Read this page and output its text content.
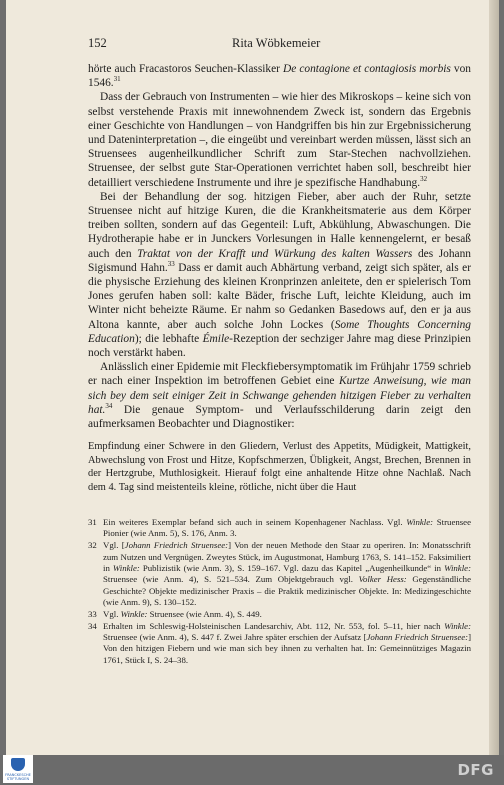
152	Rita Wöbkemeier

hörte auch Fracastoros Seuchen-Klassiker De contagione et contagiosis morbis von 1546.31

Dass der Gebrauch von Instrumenten – wie hier des Mikroskops – keine sich von selbst verstehende Praxis mit innewohnendem Zweck ist, sondern das Ergebnis einer Geschichte von Handlungen – von Handgriffen bis hin zur Ergebnissicherung und Dateninterpretation –, die eingeübt und vereinbart werden müssen, lässt sich an Struensees augenheilkundlicher Schrift zum Star-Stechen nachvollziehen. Struensee, der selbst gute Star-Operationen verrichtet haben soll, beschreibt hier detailliert verschiedene Instrumente und ihre je spezifische Handhabung.$^{32}$

Bei der Behandlung der sog. hitzigen Fieber, aber auch der Ruhr, setzte Struensee nicht auf hitzige Kuren, die die Krankheitsmaterie aus dem Körper treiben sollten, sondern auf das Gegenteil: Luft, Abkühlung, Abwaschungen. Die Hydrotherapie habe er in Junckers Vorlesungen in Halle kennengelernt, er besaß auch den Traktat von der Krafft und Würkung des kalten Wassers des Johann Sigismund Hahn.$^{33}$ Dass er damit auch Abhärtung verband, zeigt sich später, als er die physische Erziehung des kleinen Kronprinzen anleitete, den er spielerisch Tom Jones gerufen haben soll: kalte Bäder, frische Luft, leichte Kleidung, auch im Winter nicht beheizte Räume. Er nahm so Gedanken Basedows auf, den er ja aus Altona kannte, aber auch solche John Lockes (Some Thoughts Concerning Education); die lebhafte Émile-Rezeption der sechziger Jahre mag diese Prinzipien noch verstärkt haben.

Anlässlich einer Epidemie mit Fleckfiebersymptomatik im Frühjahr 1759 schrieb er nach einer Inspektion im betroffenen Gebiet eine Kurtze Anweisung, wie man sich bey dem seit einiger Zeit in Schwange gehenden hitzigen Fieber zu verhalten hat.$^{34}$ Die genaue Symptom- und Verlaufsschilderung darin zeigt den aufmerksamen Beobachter und Diagnostiker:

Empfindung einer Schwere in den Gliedern, Verlust des Appetits, Müdigkeit, Mattigkeit, Abwechslung von Frost und Hitze, Kopfschmerzen, Übligkeit, Angst, Brechen, Brennen in der Hertzgrube, Muthlosigkeit. Hierauf folgt eine anhaltende Hitze ohne Nachlaß. Nach dem 4. Tag sind meistenteils kleine, rötliche, nicht über die Haut

31 Ein weiteres Exemplar befand sich auch in seinem Kopenhagener Nachlass. Vgl. Winkle: Struensee Pionier (wie Anm. 5), S. 176, Anm. 3.
32 Vgl. [Johann Friedrich Struensee:] Von der neuen Methode den Staar zu operiren. In: Monatsschrift zum Nutzen und Vergnügen. Zweytes Stück, im Augustmonat, Hamburg 1763, S. 141–152. Faksimiliert in Winkle: Publizistik (wie Anm. 3), S. 159–167. Vgl. dazu das Kapitel „Augenheilkunde“ in Winkle: Struensee (wie Anm. 4), S. 521–534. Zum Objektgebrauch vgl. Volker Hess: Gegenständliche Geschichte? Objekte medizinischer Praxis – die Praktik medizinischer Objekte. In: Medizingeschichte (wie Anm. 9), S. 130–152.
33 Vgl. Winkle: Struensee (wie Anm. 4), S. 449.
34 Erhalten im Schleswig-Holsteinischen Landesarchiv, Abt. 112, Nr. 553, fol. 5–11, hier nach Winkle: Struensee (wie Anm. 4), S. 447 f. Zwei Jahre später erschien der Aufsatz [Johann Friedrich Struensee:] Von den hitzigen Fiebern und wie man sich bey ihnen zu verhalten hat. In: Gemeinnütziges Magazin 1761, Stück I, S. 24–38.
FRANCKESCHE STIFTUNGEN	DFG
